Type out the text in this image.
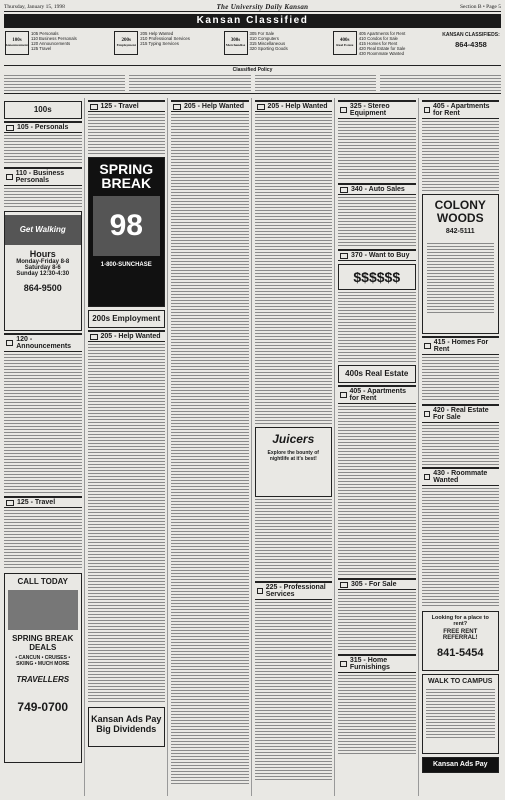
Thursday, January 15, 1998	The University Daily Kansan	Section B • Page 5
Kansan Classified
100s
Announcements
105 Personals
110 Business Personals
120 Announcements
125 Travel
200s
Employment
205 Help Wanted
210 Professional Services
215 Typing Services
300s
Merchandise
305 For Sale
310 Computers
315 Miscellaneous
320 Sporting Goods
400s
Real Estate
405 Apartments for Rent
410 Condos for Sale
415 Homes for Rent
420 Real Estate for Sale
430 Roommate Wanted
KANSAN CLASSIFIEDS:
864-4358
Classified Policy
100s
105 - Personals
110 - Business Personals
Get Walking
Hours
Monday-Friday 8-8
Saturday 8-6
Sunday 12:30-4:30
864-9500
120 - Announcements
125 - Travel
CALL TODAY
SPRING BREAK DEALS
• CANCUN • CRUISES • SKIING • MUCH MORE
TRAVELLERS
749-0700
125 - Travel
SPRING BREAK
98
1-800-SUNCHASE
200s Employment
205 - Help Wanted
Kansan Ads Pay Big Dividends
205 - Help Wanted	205 - Help Wanted
Juicers
Explore the bounty of nightlife at it's best!
225 - Professional Services
325 - Stereo Equipment
340 - Auto Sales
370 - Want to Buy
$$$$$$
400s Real Estate
405 - Apartments for Rent
305 - For Sale
315 - Home Furnishings
405 - Apartments for Rent
COLONY WOODS
842-5111
415 - Homes For Rent
420 - Real Estate For Sale
430 - Roommate Wanted
Looking for a place to rent?
FREE RENT REFERRAL!
841-5454
WALK TO CAMPUS
Kansan Ads Pay
